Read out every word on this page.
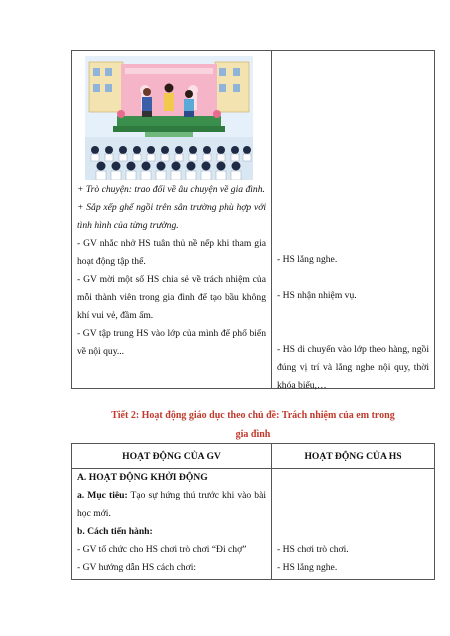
+ Trò chuyện: trao đổi về âu chuyện về gia đình.

+ Sắp xếp ghế ngồi trên sân trường phù hợp với tình hình của từng trường.

- GV nhắc nhở HS tuân thủ nề nếp khi tham gia hoạt động tập thể.

- GV mời một số HS chia sẻ về trách nhiệm của mỗi thành viên trong gia đình để tạo bầu không khí vui vẻ, đầm ấm.

- GV tập trung HS vào lớp của mình để phổ biến về nội quy...

- HS lắng nghe.

- HS nhận nhiệm vụ.

- HS di chuyển vào lớp theo hàng, ngồi đúng vị trí và lắng nghe nội quy, thời khóa biểu,…

Tiết 2: Hoạt động giáo dục theo chủ đề: Trách nhiệm của em trong
gia đình
HOẠT ĐỘNG CỦA GV	HOẠT ĐỘNG CỦA HS

A. HOẠT ĐỘNG KHỞI ĐỘNG

a. Mục tiêu: Tạo sự hứng thú trước khi vào bài học mới.

b. Cách tiến hành:

- GV tổ chức cho HS chơi trò chơi “Đi chợ”

- GV hướng dẫn HS cách chơi:

- HS chơi trò chơi.

- HS lắng nghe.
